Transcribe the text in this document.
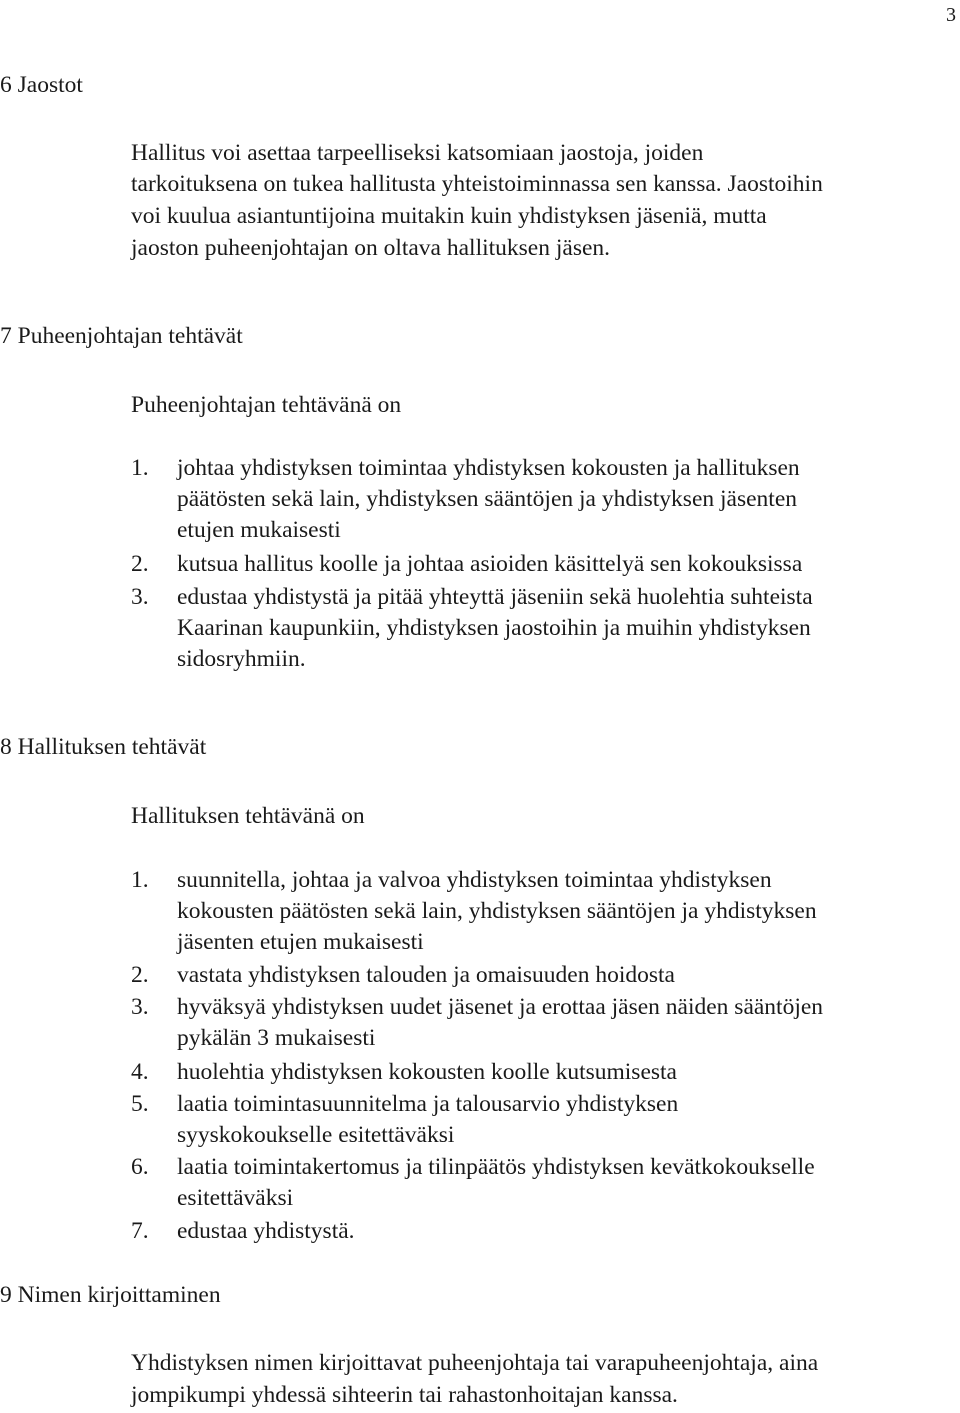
3
6 Jaostot
Hallitus voi asettaa tarpeelliseksi katsomiaan jaostoja, joiden
tarkoituksena on tukea hallitusta yhteistoiminnassa sen kanssa. Jaostoihin
voi kuulua asiantuntijoina muitakin kuin yhdistyksen jäseniä, mutta
jaoston puheenjohtajan on oltava hallituksen jäsen.
7 Puheenjohtajan tehtävät
Puheenjohtajan tehtävänä on
1.	johtaa yhdistyksen toimintaa yhdistyksen kokousten ja hallituksen
päätösten sekä lain, yhdistyksen sääntöjen ja yhdistyksen jäsenten
etujen mukaisesti
2.	kutsua hallitus koolle ja johtaa asioiden käsittelyä sen kokouksissa
3.	edustaa yhdistystä ja pitää yhteyttä jäseniin sekä huolehtia suhteista
Kaarinan kaupunkiin, yhdistyksen jaostoihin ja muihin yhdistyksen
sidosryhmiin.
8 Hallituksen tehtävät
Hallituksen tehtävänä on
1.	suunnitella, johtaa ja valvoa yhdistyksen toimintaa yhdistyksen
kokousten päätösten sekä lain, yhdistyksen sääntöjen ja yhdistyksen
jäsenten etujen mukaisesti
2.	vastata yhdistyksen talouden ja omaisuuden hoidosta
3.	hyväksyä yhdistyksen uudet jäsenet ja erottaa jäsen näiden sääntöjen
pykälän 3 mukaisesti
4.	huolehtia yhdistyksen kokousten koolle kutsumisesta
5.	laatia toimintasuunnitelma ja talousarvio yhdistyksen
syyskokoukselle esitettäväksi
6.	laatia toimintakertomus ja tilinpäätös yhdistyksen kevätkokoukselle
esitettäväksi
7.	edustaa yhdistystä.
9 Nimen kirjoittaminen
Yhdistyksen nimen kirjoittavat puheenjohtaja tai varapuheenjohtaja, aina
jompikumpi yhdessä sihteerin tai rahastonhoitajan kanssa.
